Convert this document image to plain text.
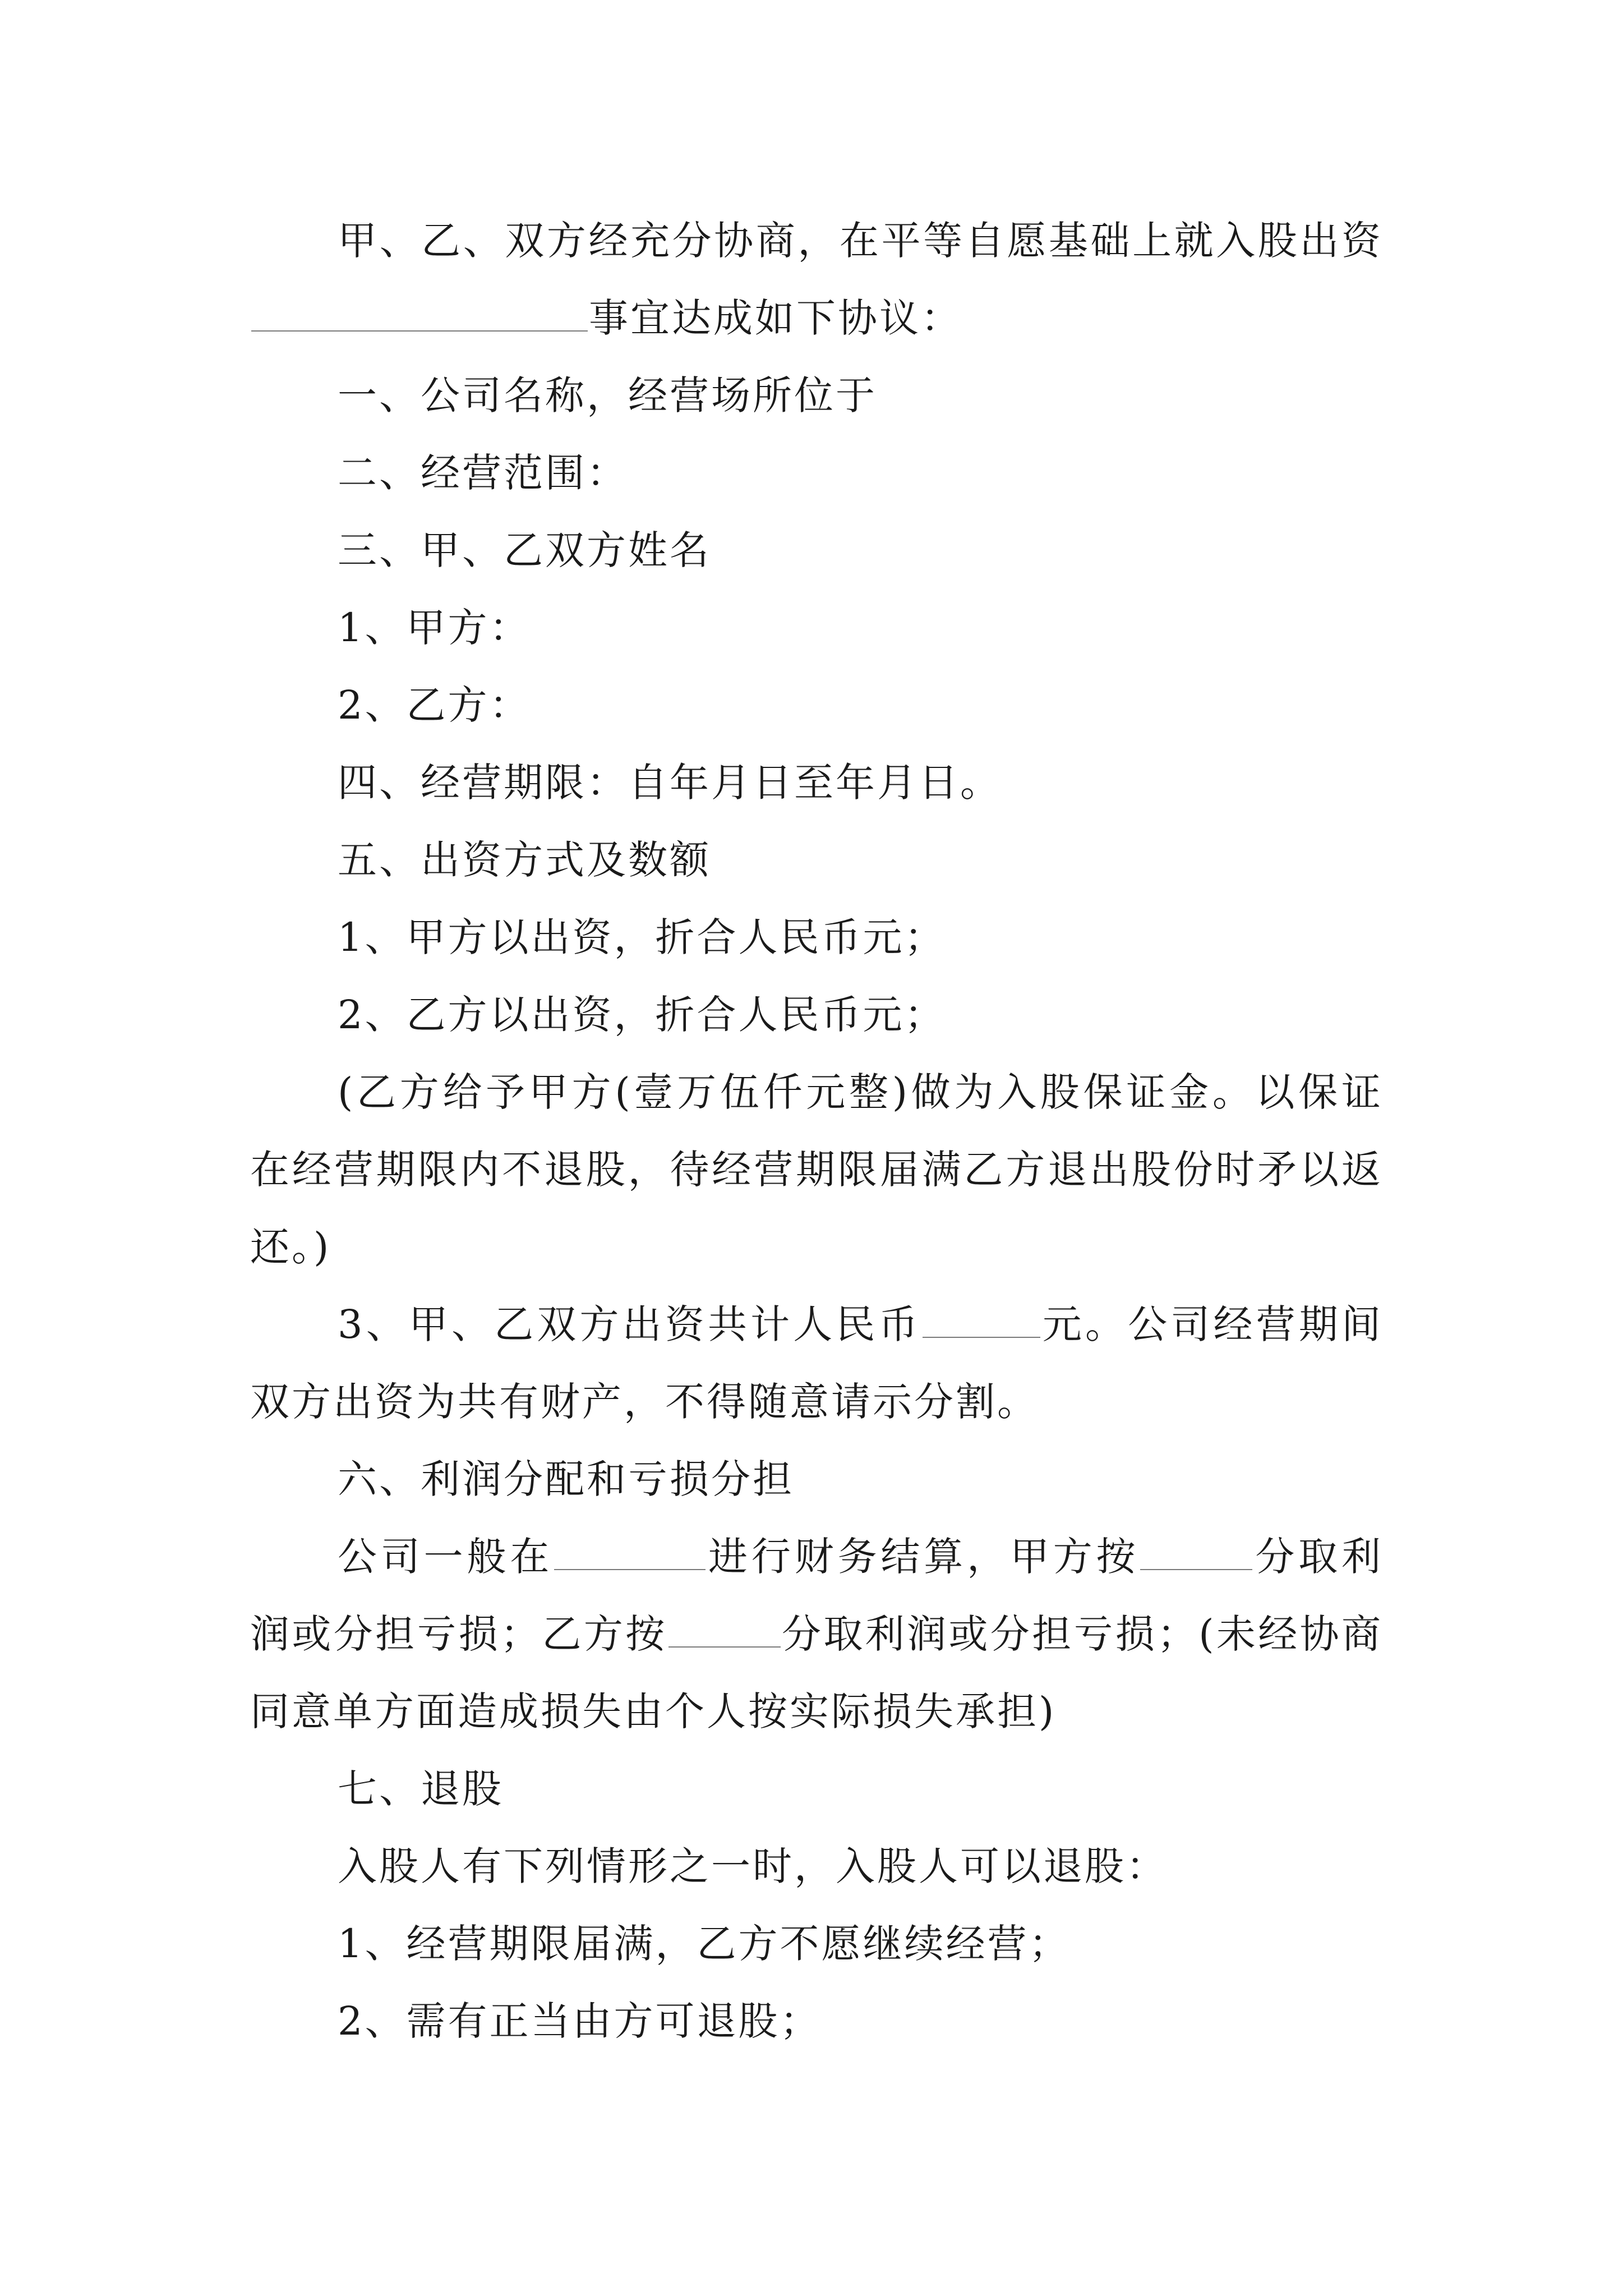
甲、乙、双方经充分协商，在平等自愿基础上就入股出资事宜达成如下协议：

一、公司名称，经营场所位于

二、经营范围：

三、甲、乙双方姓名

1、甲方：

2、乙方：

四、经营期限：自年月日至年月日。

五、出资方式及数额

1、甲方以出资，折合人民币元；

2、乙方以出资，折合人民币元；

(乙方给予甲方(壹万伍仟元整)做为入股保证金。以保证在经营期限内不退股，待经营期限届满乙方退出股份时矛以返还。)

3、甲、乙双方出资共计人民币	元。公司经营期间双方出资为共有财产，不得随意请示分割。

六、利润分配和亏损分担

公司一般在	进行财务结算，甲方按	分取利润或分担亏损；乙方按	分取利润或分担亏损；(未经协商同意单方面造成损失由个人按实际损失承担)

七、退股

入股人有下列情形之一时，入股人可以退股：

1、经营期限届满，乙方不愿继续经营；

2、需有正当由方可退股；
